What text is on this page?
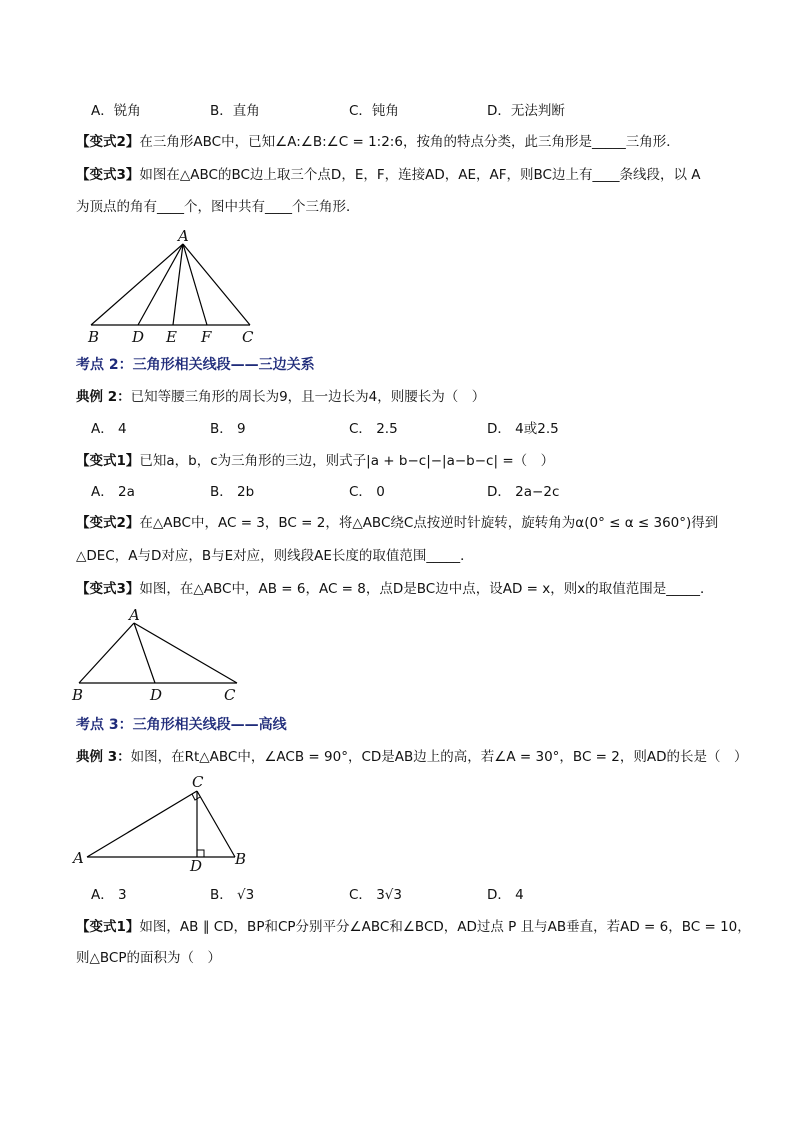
A．锐角	B．直角	C．钝角	D．无法判断
【变式2】在三角形ABC中，已知∠A:∠B:∠C = 1:2:6，按角的特点分类，此三角形是_____三角形．
【变式3】如图在△ABC的BC边上取三个点D，E，F，连接AD，AE，AF，则BC边上有____条线段，以 A
为顶点的角有____个，图中共有____个三角形．
A
B D E F C
考点 2：三角形相关线段——三边关系
典例 2：已知等腰三角形的周长为9，且一边长为4，则腰长为（　）
A． 4	B． 9	C． 2.5	D． 4或2.5
【变式1】已知a，b，c为三角形的三边，则式子|a + b−c|−|a−b−c| =（　）
A． 2a	B． 2b	C． 0	D． 2a−2c
【变式2】在△ABC中，AC = 3，BC = 2，将△ABC绕C点按逆时针旋转，旋转角为α(0° ≤ α ≤ 360°)得到
△DEC，A与D对应，B与E对应，则线段AE长度的取值范围_____．
【变式3】如图，在△ABC中，AB = 6，AC = 8，点D是BC边中点，设AD = x，则x的取值范围是_____．
A
B	D	C
考点 3：三角形相关线段——高线
典例 3：如图，在Rt△ABC中，∠ACB = 90°，CD是AB边上的高，若∠A = 30°，BC = 2，则AD的长是（　）
C
A	D B
A． 3	B． √3	C． 3√3	D． 4
【变式1】如图，AB ∥ CD，BP和CP分别平分∠ABC和∠BCD，AD过点 P 且与AB垂直，若AD = 6，BC = 10，
则△BCP的面积为（　）
